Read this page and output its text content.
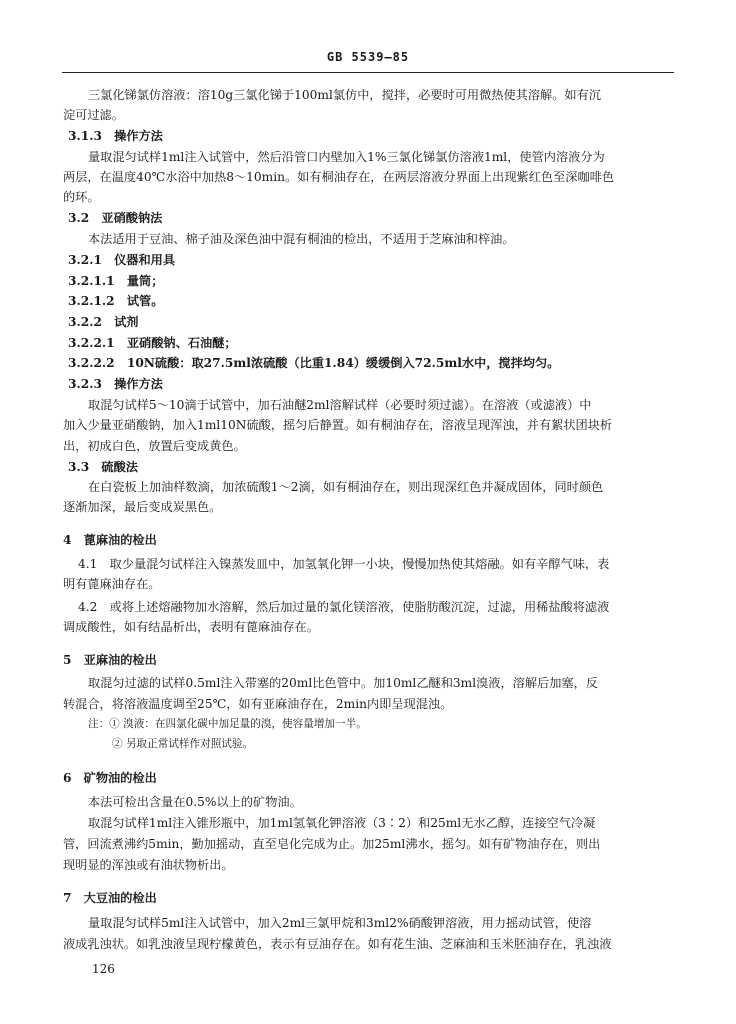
GB 5539—85
三氯化锑氯仿溶液：溶10g三氯化锑于100ml氯仿中，搅拌，必要时可用微热使其溶解。如有沉
淀可过滤。
3.1.3　操作方法
量取混匀试样1ml注入试管中，然后沿管口内壁加入1%三氯化锑氯仿溶液1ml，使管内溶液分为
两层，在温度40℃水浴中加热8～10min。如有桐油存在，在两层溶液分界面上出现紫红色至深咖啡色
的环。
3.2　亚硝酸钠法
本法适用于豆油、棉子油及深色油中混有桐油的检出，不适用于芝麻油和梓油。
3.2.1　仪器和用具
3.2.1.1　量筒；
3.2.1.2　试管。
3.2.2　试剂
3.2.2.1　亚硝酸钠、石油醚；
3.2.2.2　10N硫酸：取27.5ml浓硫酸（比重1.84）缓缓倒入72.5ml水中，搅拌均匀。
3.2.3　操作方法
取混匀试样5～10滴于试管中，加石油醚2ml溶解试样（必要时须过滤）。在溶液（或滤液）中
加入少量亚硝酸钠，加入1ml10N硫酸，摇匀后静置。如有桐油存在，溶液呈现浑浊，并有絮状团块析
出，初成白色，放置后变成黄色。
3.3　硫酸法
在白瓷板上加油样数滴，加浓硫酸1～2滴，如有桐油存在，则出现深红色并凝成固体，同时颜色
逐渐加深，最后变成炭黑色。
4　蓖麻油的检出
4.1　取少量混匀试样注入镍蒸发皿中，加氢氧化钾一小块，慢慢加热使其熔融。如有辛醇气味，表
明有蓖麻油存在。
4.2　或将上述熔融物加水溶解，然后加过量的氯化镁溶液，使脂肪酸沉淀，过滤，用稀盐酸将滤液
调成酸性，如有结晶析出，表明有蓖麻油存在。
5　亚麻油的检出
取混匀过滤的试样0.5ml注入带塞的20ml比色管中。加10ml乙醚和3ml溴液，溶解后加塞，反
转混合，将溶液温度调至25℃，如有亚麻油存在，2min内即呈现混浊。
注：① 溴液：在四氯化碳中加足量的溴，使容量增加一半。
② 另取正常试样作对照试验。
6　矿物油的检出
本法可检出含量在0.5%以上的矿物油。
取混匀试样1ml注入锥形瓶中，加1ml氢氧化钾溶液（3∶2）和25ml无水乙醇，连接空气冷凝
管，回流煮沸约5min，勤加摇动，直至皂化完成为止。加25ml沸水，摇匀。如有矿物油存在，则出
现明显的浑浊或有油状物析出。
7　大豆油的检出
量取混匀试样5ml注入试管中，加入2ml三氯甲烷和3ml2%硝酸钾溶液，用力摇动试管，使溶
液成乳浊状。如乳浊液呈现柠檬黄色，表示有豆油存在。如有花生油、芝麻油和玉米胚油存在，乳浊液
126
